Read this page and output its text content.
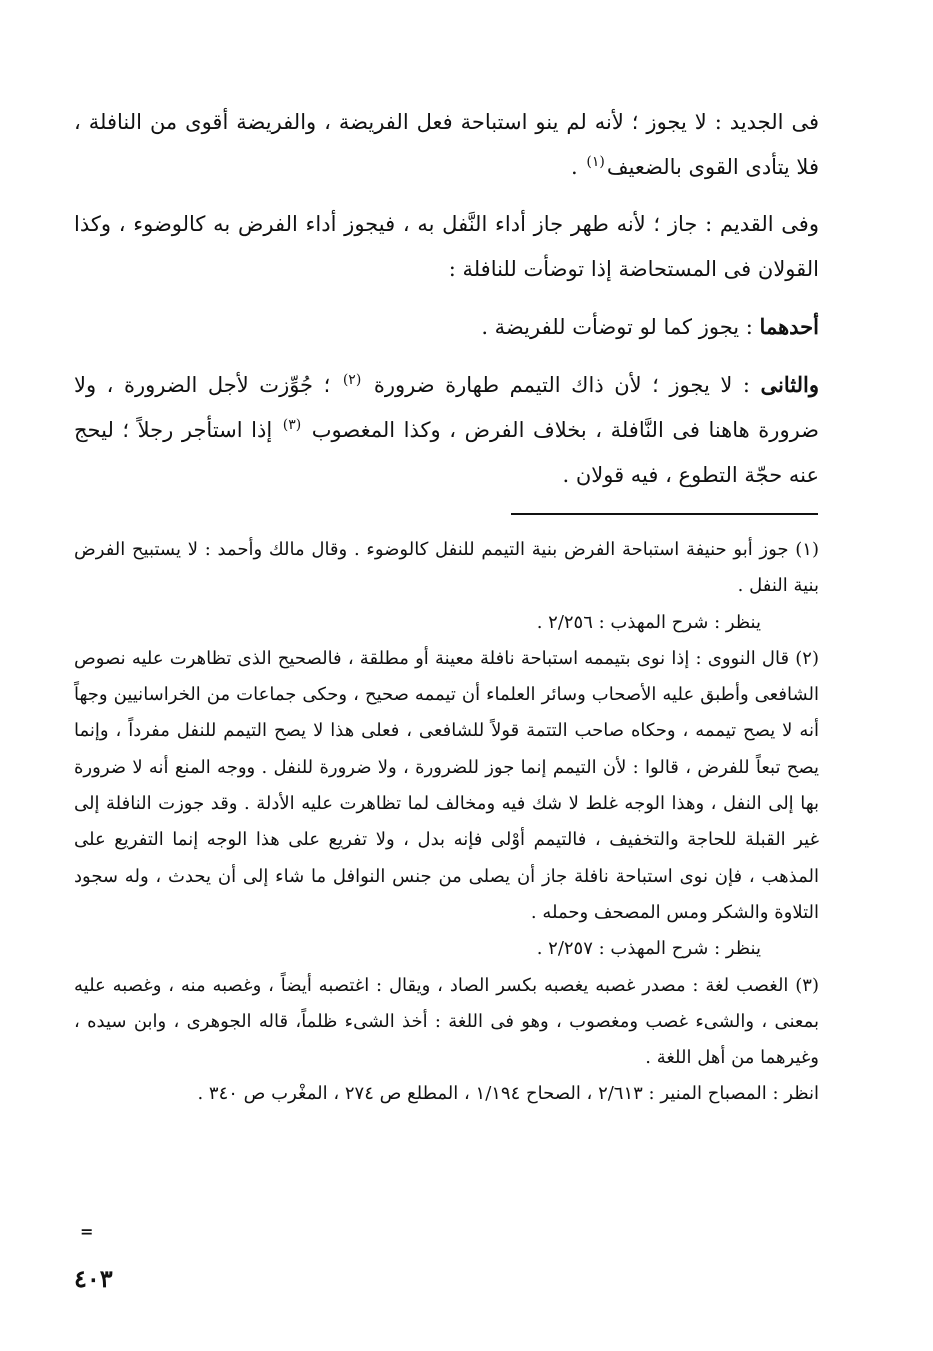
فى الجديد : لا يجوز ؛ لأنه لم ينو استباحة فعل الفريضة ، والفريضة أقوى من النافلة ، فلا يتأدى القوى بالضعيف$^{(١)}$ .

وفى القديم : جاز ؛ لأنه طهر جاز أداء النَّفل به ، فيجوز أداء الفرض به كالوضوء ، وكذا القولان فى المستحاضة إذا توضأت للنافلة :

أحدهما : يجوز كما لو توضأت للفريضة .

والثانى : لا يجوز ؛ لأن ذاك التيمم طهارة ضرورة $^{(٢)}$ ؛ جُوِّزت لأجل الضرورة ، ولا ضرورة هاهنا فى النَّافلة ، بخلاف الفرض ، وكذا المغصوب $^{(٣)}$ إذا استأجر رجلاً ؛ ليحج عنه حجّة التطوع ، فيه قولان .

(١) جوز أبو حنيفة استباحة الفرض بنية التيمم للنفل كالوضوء . وقال مالك وأحمد : لا يستبيح الفرض بنية النفل .

ينظر : شرح المهذب : ٢/٢٥٦ .

(٢) قال النووى : إذا نوى بتيممه استباحة نافلة معينة أو مطلقة ، فالصحيح الذى تظاهرت عليه نصوص الشافعى وأطبق عليه الأصحاب وسائر العلماء أن تيممه صحيح ، وحكى جماعات من الخراسانيين وجهاً أنه لا يصح تيممه ، وحكاه صاحب التتمة قولاً للشافعى ، فعلى هذا لا يصح التيمم للنفل مفرداً ، وإنما يصح تبعاً للفرض ، قالوا : لأن التيمم إنما جوز للضرورة ، ولا ضرورة للنفل . ووجه المنع أنه لا ضرورة بها إلى النفل ، وهذا الوجه غلط لا شك فيه ومخالف لما تظاهرت عليه الأدلة . وقد جوزت النافلة إلى غير القبلة للحاجة والتخفيف ، فالتيمم أوْلى فإنه بدل ، ولا تفريع على هذا الوجه إنما التفريع على المذهب ، فإن نوى استباحة نافلة جاز أن يصلى من جنس النوافل ما شاء إلى أن يحدث ، وله سجود التلاوة والشكر ومس المصحف وحمله .

ينظر : شرح المهذب : ٢/٢٥٧ .

(٣) الغصب لغة : مصدر غصبه يغصبه بكسر الصاد ، ويقال : اغتصبه أيضاً ، وغصبه منه ، وغصبه عليه بمعنى ، والشىء غصب ومغصوب ، وهو فى اللغة : أخذ الشىء ظلماً، قاله الجوهرى ، وابن سيده ، وغيرهما من أهل اللغة .

انظر : المصباح المنير : ٢/٦١٣ ، الصحاح ١/١٩٤ ، المطلع ص ٢٧٤ ، المغْرب ص ٣٤٠ .

=
٤٠٣
